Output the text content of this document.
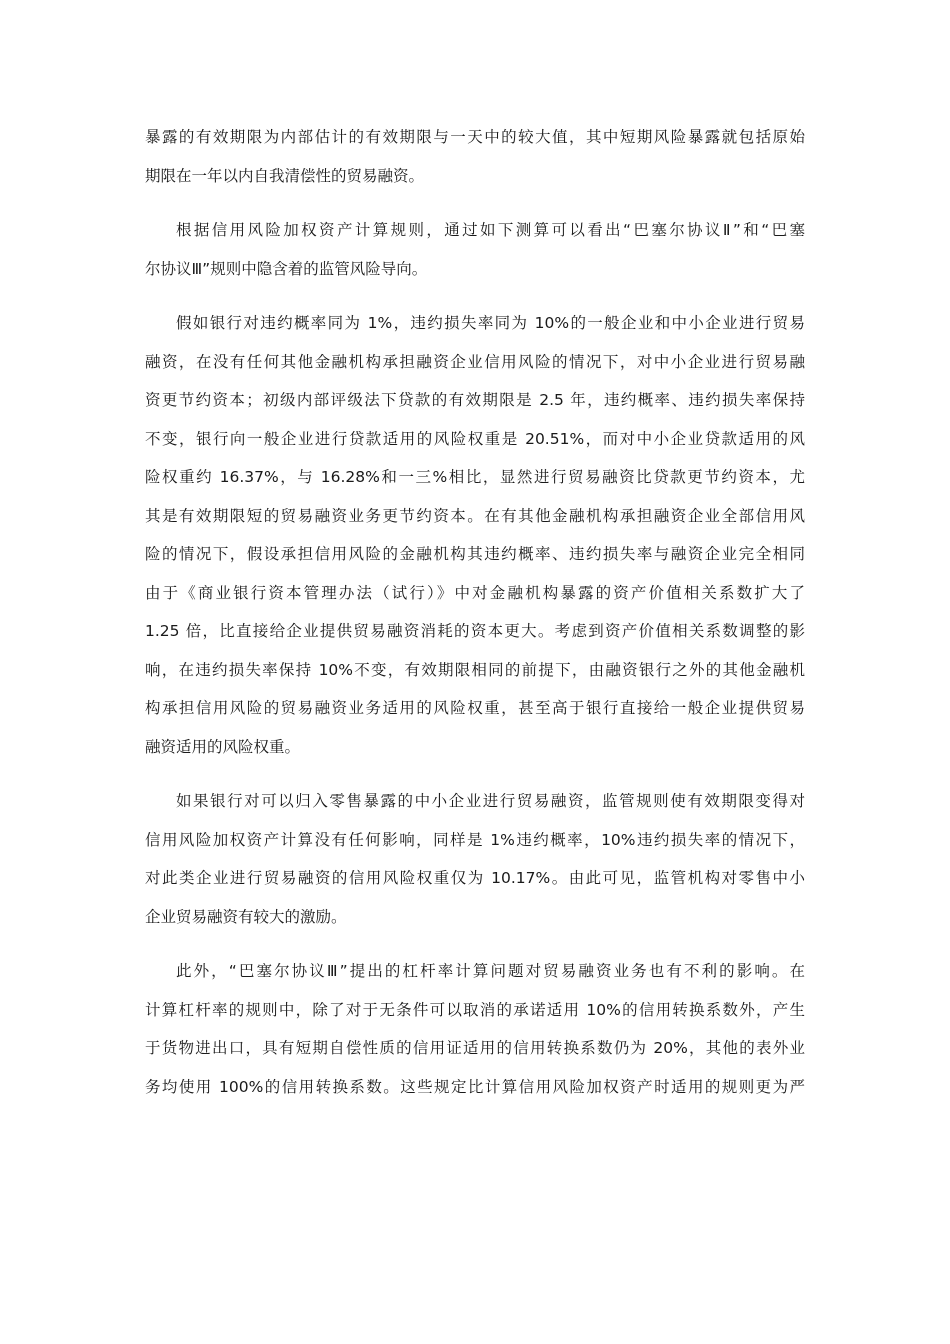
暴露的有效期限为内部估计的有效期限与一天中的较大值，其中短期风险暴露就包括原始
期限在一年以内自我清偿性的贸易融资。

根据信用风险加权资产计算规则，通过如下测算可以看出“巴塞尔协议Ⅱ”和“巴塞
尔协议Ⅲ”规则中隐含着的监管风险导向。

假如银行对违约概率同为 1%，违约损失率同为 10%的一般企业和中小企业进行贸易
融资，在没有任何其他金融机构承担融资企业信用风险的情况下，对中小企业进行贸易融
资更节约资本；初级内部评级法下贷款的有效期限是 2.5 年，违约概率、违约损失率保持
不变，银行向一般企业进行贷款适用的风险权重是 20.51%，而对中小企业贷款适用的风
险权重约 16.37%，与 16.28%和一三%相比，显然进行贸易融资比贷款更节约资本，尤
其是有效期限短的贸易融资业务更节约资本。在有其他金融机构承担融资企业全部信用风
险的情况下，假设承担信用风险的金融机构其违约概率、违约损失率与融资企业完全相同
由于《商业银行资本管理办法（试行）》中对金融机构暴露的资产价值相关系数扩大了
1.25 倍，比直接给企业提供贸易融资消耗的资本更大。考虑到资产价值相关系数调整的影
响，在违约损失率保持 10%不变，有效期限相同的前提下，由融资银行之外的其他金融机
构承担信用风险的贸易融资业务适用的风险权重，甚至高于银行直接给一般企业提供贸易
融资适用的风险权重。

如果银行对可以归入零售暴露的中小企业进行贸易融资，监管规则使有效期限变得对
信用风险加权资产计算没有任何影响，同样是 1%违约概率，10%违约损失率的情况下，
对此类企业进行贸易融资的信用风险权重仅为 10.17%。由此可见，监管机构对零售中小
企业贸易融资有较大的激励。

此外，“巴塞尔协议Ⅲ”提出的杠杆率计算问题对贸易融资业务也有不利的影响。在
计算杠杆率的规则中，除了对于无条件可以取消的承诺适用 10%的信用转换系数外，产生
于货物进出口，具有短期自偿性质的信用证适用的信用转换系数仍为 20%，其他的表外业
务均使用 100%的信用转换系数。这些规定比计算信用风险加权资产时适用的规则更为严
